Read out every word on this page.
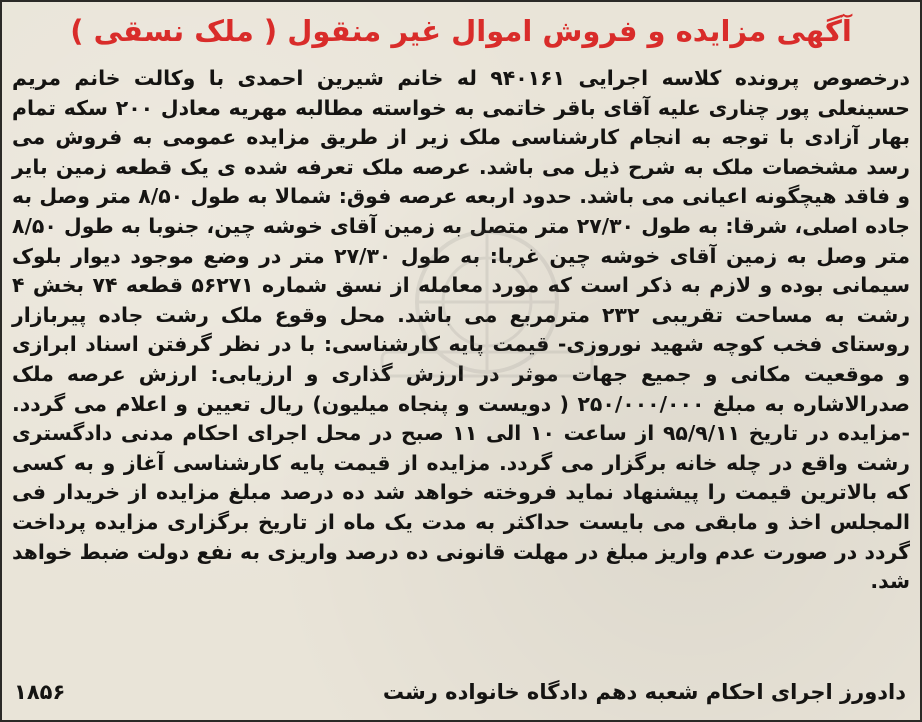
آگهی مزایده و فروش اموال غیر منقول ( ملک نسقی )

درخصوص پرونده کلاسه اجرایی ۹۴۰۱۶۱ له خانم شیرین احمدی با وکالت خانم مریم حسینعلی پور چناری علیه آقای باقر خاتمی به خواسته مطالبه مهریه معادل ۲۰۰ سکه تمام بهار آزادی با توجه به انجام کارشناسی ملک زیر از طریق مزایده عمومی به فروش می رسد مشخصات ملک به شرح ذیل می باشد. عرصه ملک تعرفه شده ی یک قطعه زمین بایر و فاقد هیچگونه اعیانی می باشد. حدود اربعه عرصه فوق: شمالا به طول ۸/۵۰ متر وصل به جاده اصلی، شرقا: به طول ۲۷/۳۰ متر متصل به زمین آقای خوشه چین، جنوبا به طول ۸/۵۰ متر وصل به زمین آقای خوشه چین غربا: به طول ۲۷/۳۰ متر در وضع موجود دیوار بلوک سیمانی بوده و لازم به ذکر است که مورد معامله از نسق شماره ۵۶۲۷۱ قطعه ۷۴ بخش ۴ رشت به مساحت تقریبی ۲۳۲ مترمربع می باشد. محل وقوع ملک رشت جاده پیربازار روستای فخب کوچه شهید نوروزی- قیمت پایه کارشناسی: با در نظر گرفتن اسناد ابرازی و موقعیت مکانی و جمیع جهات موثر در ارزش گذاری و ارزیابی: ارزش عرصه ملک صدرالاشاره به مبلغ ۲۵۰/۰۰۰/۰۰۰ ( دویست و پنجاه میلیون) ریال تعیین و اعلام می گردد. -مزایده در تاریخ ۹۵/۹/۱۱ از ساعت ۱۰ الی ۱۱ صبح در محل اجرای احکام مدنی دادگستری رشت واقع در چله خانه برگزار می گردد. مزایده از قیمت پایه کارشناسی آغاز و به کسی که بالاترین قیمت را پیشنهاد نماید فروخته خواهد شد ده درصد مبلغ مزایده از خریدار فی المجلس اخذ و مابقی می بایست حداکثر به مدت یک ماه از تاریخ برگزاری مزایده پرداخت گردد در صورت عدم واریز مبلغ در مهلت قانونی ده درصد واریزی به نفع دولت ضبط خواهد شد.

دادورز اجرای احکام شعبه دهم دادگاه خانواده رشت
۱۸۵۶
